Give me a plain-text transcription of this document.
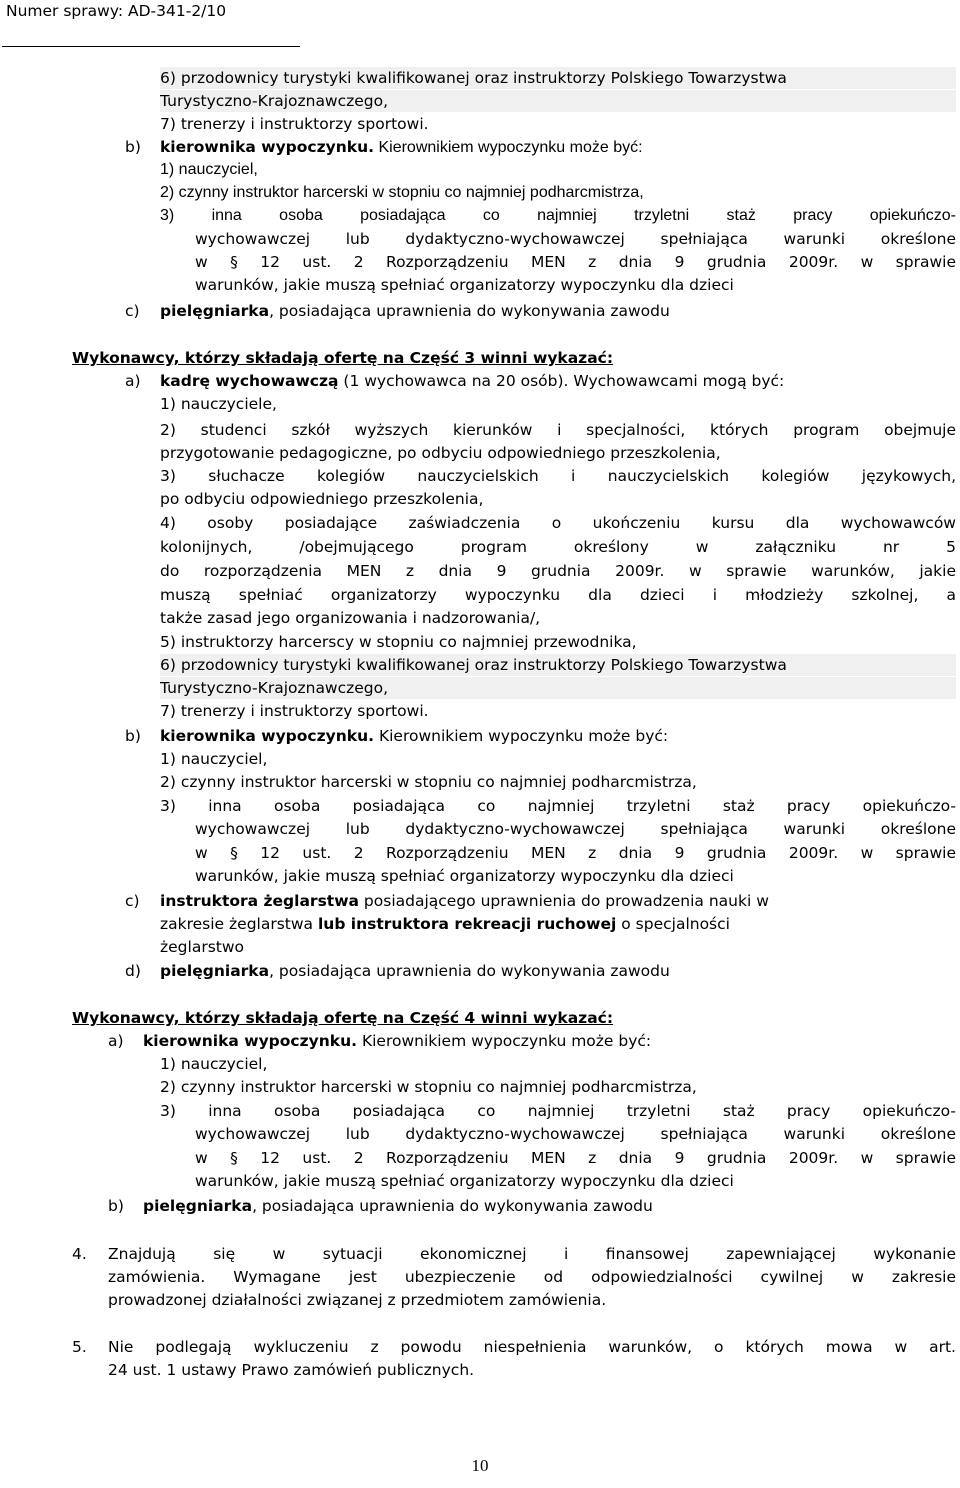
Numer sprawy: AD-341-2/10
6) przodownicy turystyki kwalifikowanej oraz instruktorzy Polskiego Towarzystwa
Turystyczno-Krajoznawczego,
7) trenerzy i instruktorzy sportowi.
b) kierownika wypoczynku. Kierownikiem wypoczynku może być:
1) nauczyciel,
2) czynny instruktor harcerski w stopniu co najmniej podharcmistrza,
3) inna osoba posiadająca co najmniej trzyletni staż pracy opiekuńczo-
wychowawczej lub dydaktyczno-wychowawczej spełniająca warunki określone
w § 12 ust. 2 Rozporządzeniu MEN z dnia 9 grudnia 2009r. w sprawie
warunków, jakie muszą spełniać organizatorzy wypoczynku dla dzieci
c) pielęgniarka, posiadająca uprawnienia do wykonywania zawodu
Wykonawcy, którzy składają ofertę na Część 3 winni wykazać:
a) kadrę wychowawczą (1 wychowawca na 20 osób). Wychowawcami mogą być:
1) nauczyciele,
2) studenci szkół wyższych kierunków i specjalności, których program obejmuje
przygotowanie pedagogiczne, po odbyciu odpowiedniego przeszkolenia,
3) słuchacze kolegiów nauczycielskich i nauczycielskich kolegiów językowych,
po odbyciu odpowiedniego przeszkolenia,
4) osoby posiadające zaświadczenia o ukończeniu kursu dla wychowawców
kolonijnych, /obejmującego program określony w załączniku nr 5
do rozporządzenia MEN z dnia 9 grudnia 2009r. w sprawie warunków, jakie
muszą spełniać organizatorzy wypoczynku dla dzieci i młodzieży szkolnej, a
także zasad jego organizowania i nadzorowania/,
5) instruktorzy harcerscy w stopniu co najmniej przewodnika,
6) przodownicy turystyki kwalifikowanej oraz instruktorzy Polskiego Towarzystwa
Turystyczno-Krajoznawczego,
7) trenerzy i instruktorzy sportowi.
b) kierownika wypoczynku. Kierownikiem wypoczynku może być:
1) nauczyciel,
2) czynny instruktor harcerski w stopniu co najmniej podharcmistrza,
3) inna osoba posiadająca co najmniej trzyletni staż pracy opiekuńczo-
wychowawczej lub dydaktyczno-wychowawczej spełniająca warunki określone
w § 12 ust. 2 Rozporządzeniu MEN z dnia 9 grudnia 2009r. w sprawie
warunków, jakie muszą spełniać organizatorzy wypoczynku dla dzieci
c) instruktora żeglarstwa posiadającego uprawnienia do prowadzenia nauki w
zakresie żeglarstwa lub instruktora rekreacji ruchowej o specjalności
żeglarstwo
d) pielęgniarka, posiadająca uprawnienia do wykonywania zawodu
Wykonawcy, którzy składają ofertę na Część 4 winni wykazać:
a) kierownika wypoczynku. Kierownikiem wypoczynku może być:
1) nauczyciel,
2) czynny instruktor harcerski w stopniu co najmniej podharcmistrza,
3) inna osoba posiadająca co najmniej trzyletni staż pracy opiekuńczo-
wychowawczej lub dydaktyczno-wychowawczej spełniająca warunki określone
w § 12 ust. 2 Rozporządzeniu MEN z dnia 9 grudnia 2009r. w sprawie
warunków, jakie muszą spełniać organizatorzy wypoczynku dla dzieci
b) pielęgniarka, posiadająca uprawnienia do wykonywania zawodu
4. Znajdują się w sytuacji ekonomicznej i finansowej zapewniającej wykonanie
zamówienia. Wymagane jest ubezpieczenie od odpowiedzialności cywilnej w zakresie
prowadzonej działalności związanej z przedmiotem zamówienia.
5. Nie podlegają wykluczeniu z powodu niespełnienia warunków, o których mowa w art.
24 ust. 1 ustawy Prawo zamówień publicznych.
10
